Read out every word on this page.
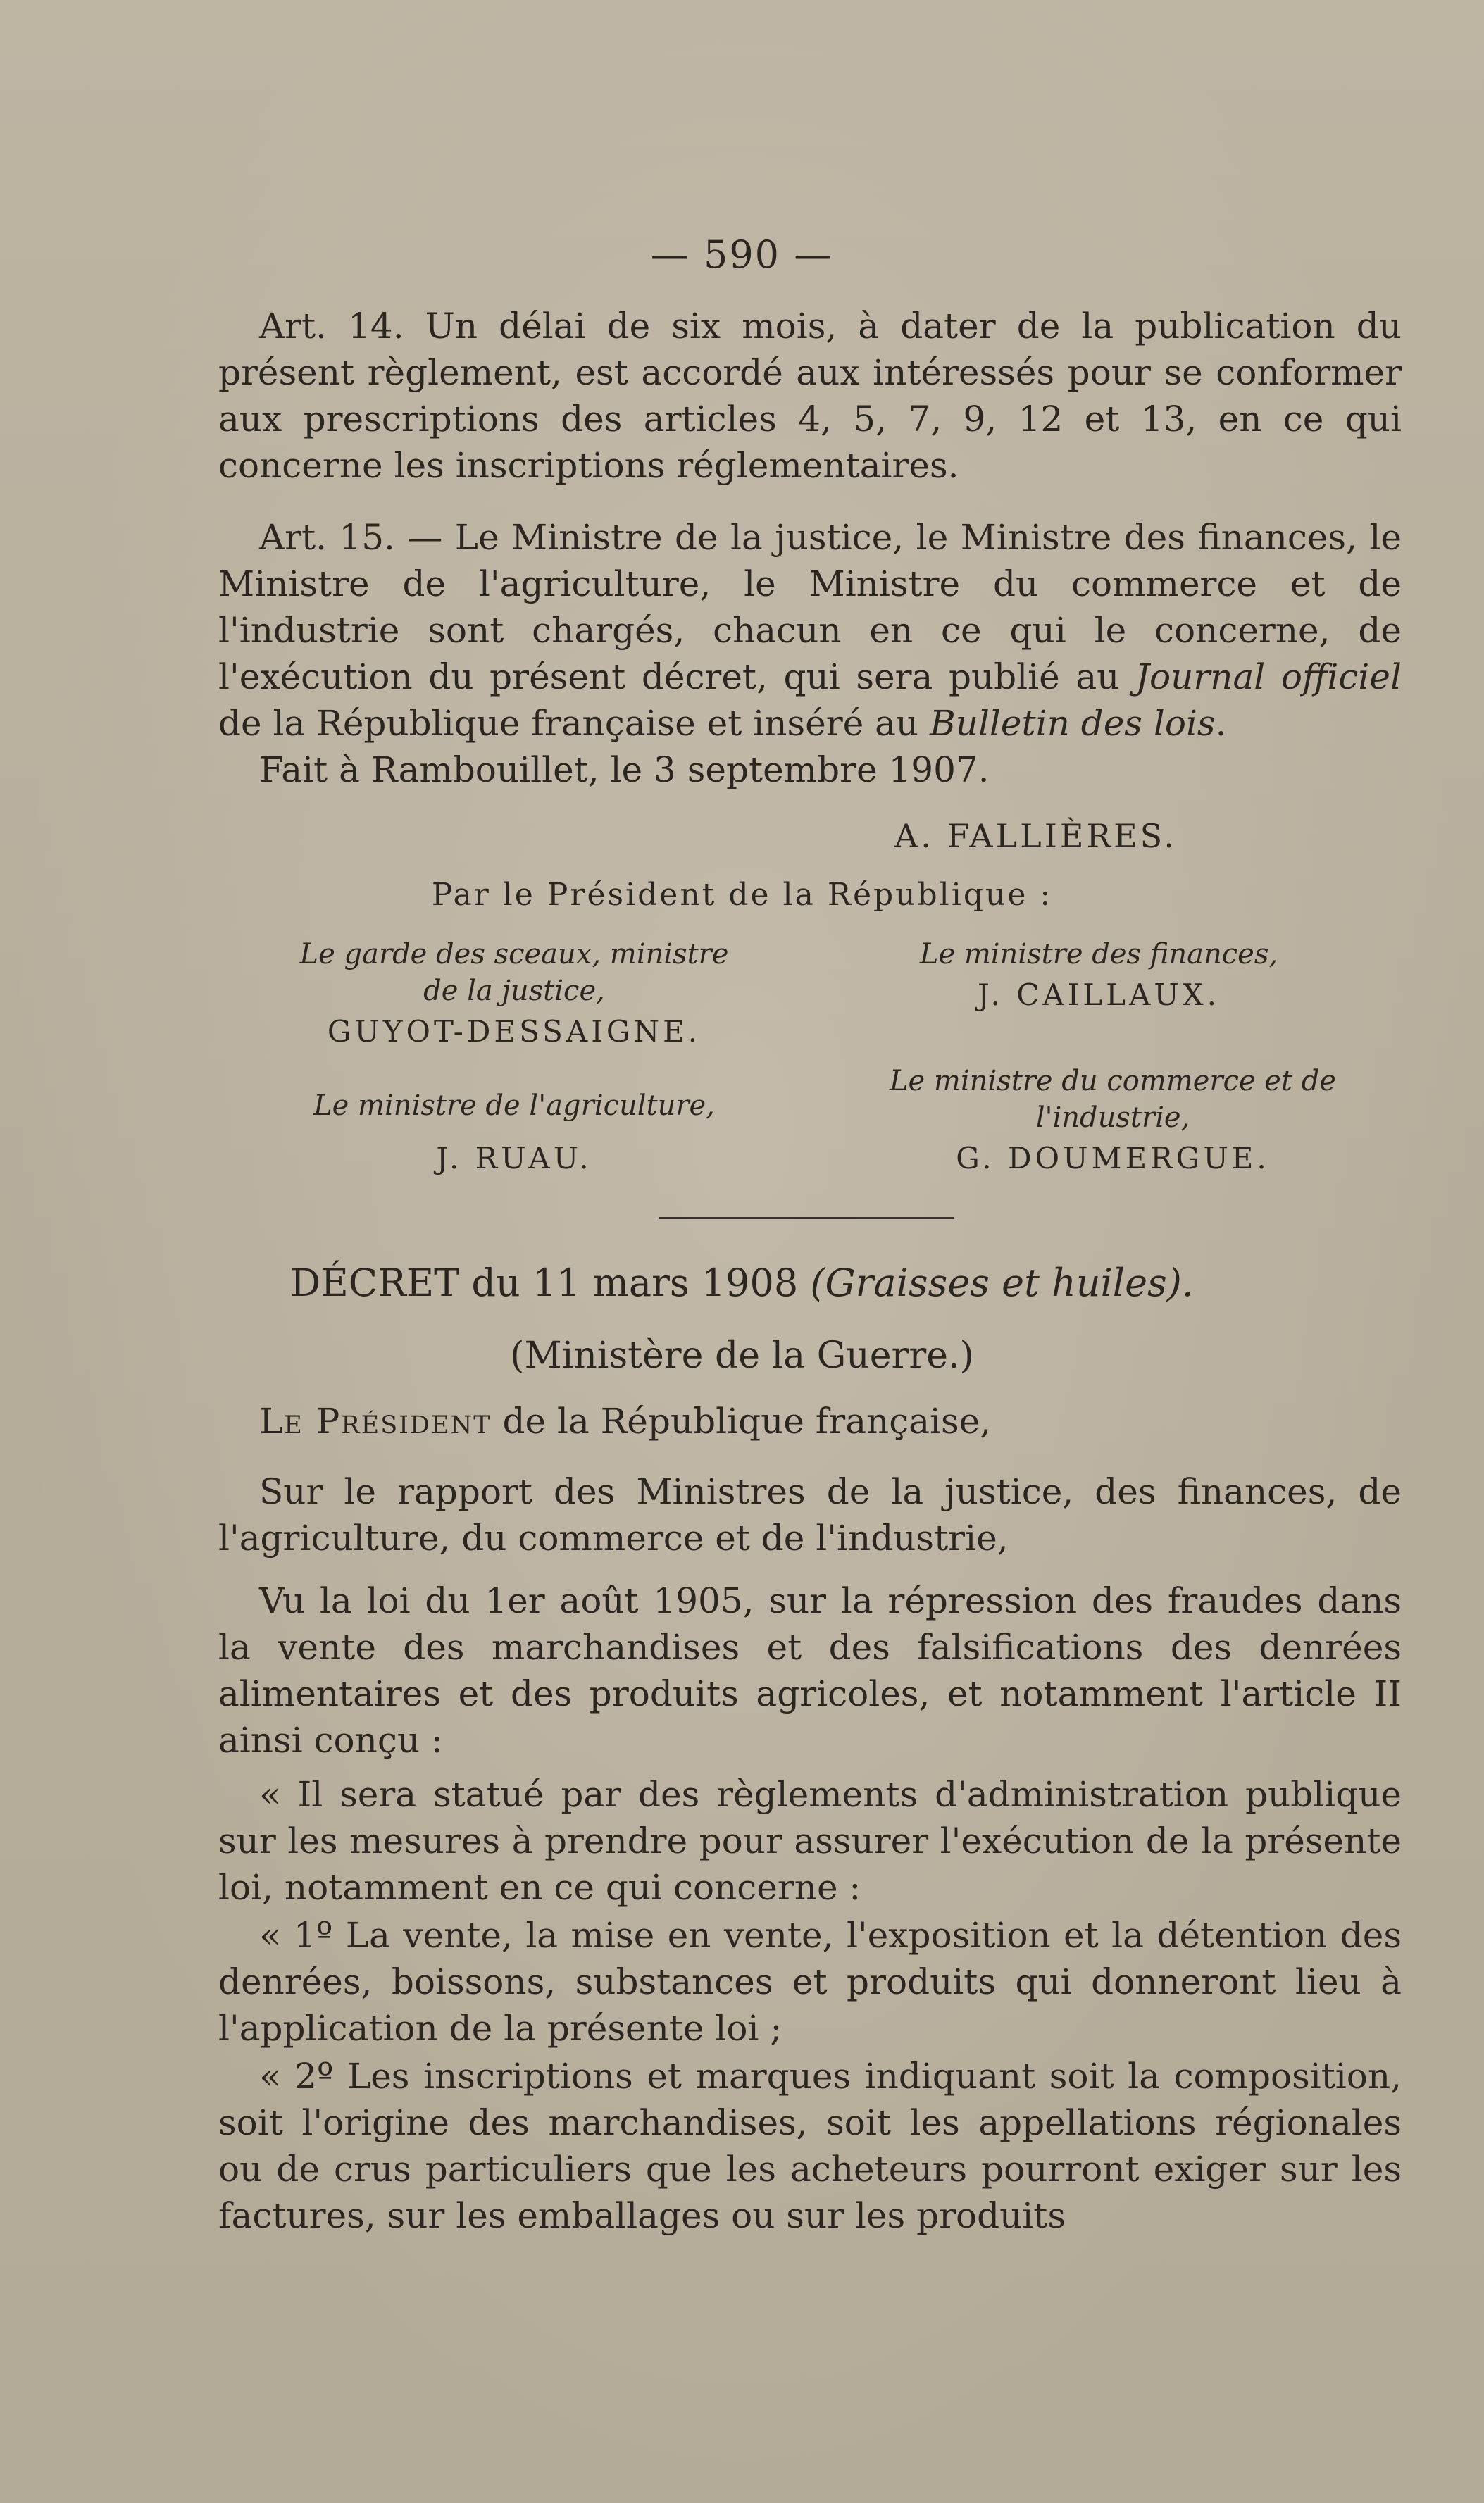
— 590 —

Art. 14. Un délai de six mois, à dater de la publication du présent règlement, est accordé aux intéressés pour se conformer aux prescriptions des articles 4, 5, 7, 9, 12 et 13, en ce qui concerne les inscriptions réglementaires.

Art. 15. — Le Ministre de la justice, le Ministre des finances, le Ministre de l'agriculture, le Ministre du commerce et de l'industrie sont chargés, chacun en ce qui le concerne, de l'exécution du présent décret, qui sera publié au Journal officiel de la République française et inséré au Bulletin des lois.

Fait à Rambouillet, le 3 septembre 1907.

A. FALLIÈRES.
Par le Président de la République :
Le garde des sceaux, ministre
de la justice,
GUYOT-DESSAIGNE.
Le ministre des finances,
J. CAILLAUX.
Le ministre du commerce et de
l'industrie,
G. DOUMERGUE.
Le ministre de l'agriculture,
J. RUAU.
DÉCRET du 11 mars 1908 (Graisses et huiles).
(Ministère de la Guerre.)

Le Président de la République française,

Sur le rapport des Ministres de la justice, des finances, de l'agriculture, du commerce et de l'industrie,

Vu la loi du 1er août 1905, sur la répression des fraudes dans la vente des marchandises et des falsifications des denrées alimentaires et des produits agricoles, et notamment l'article II ainsi conçu :

« Il sera statué par des règlements d'administration publique sur les mesures à prendre pour assurer l'exécution de la présente loi, notamment en ce qui concerne :

« 1º La vente, la mise en vente, l'exposition et la détention des denrées, boissons, substances et produits qui donneront lieu à l'application de la présente loi ;

« 2º Les inscriptions et marques indiquant soit la composition, soit l'origine des marchandises, soit les appellations régionales ou de crus particuliers que les acheteurs pourront exiger sur les factures, sur les emballages ou sur les produits
